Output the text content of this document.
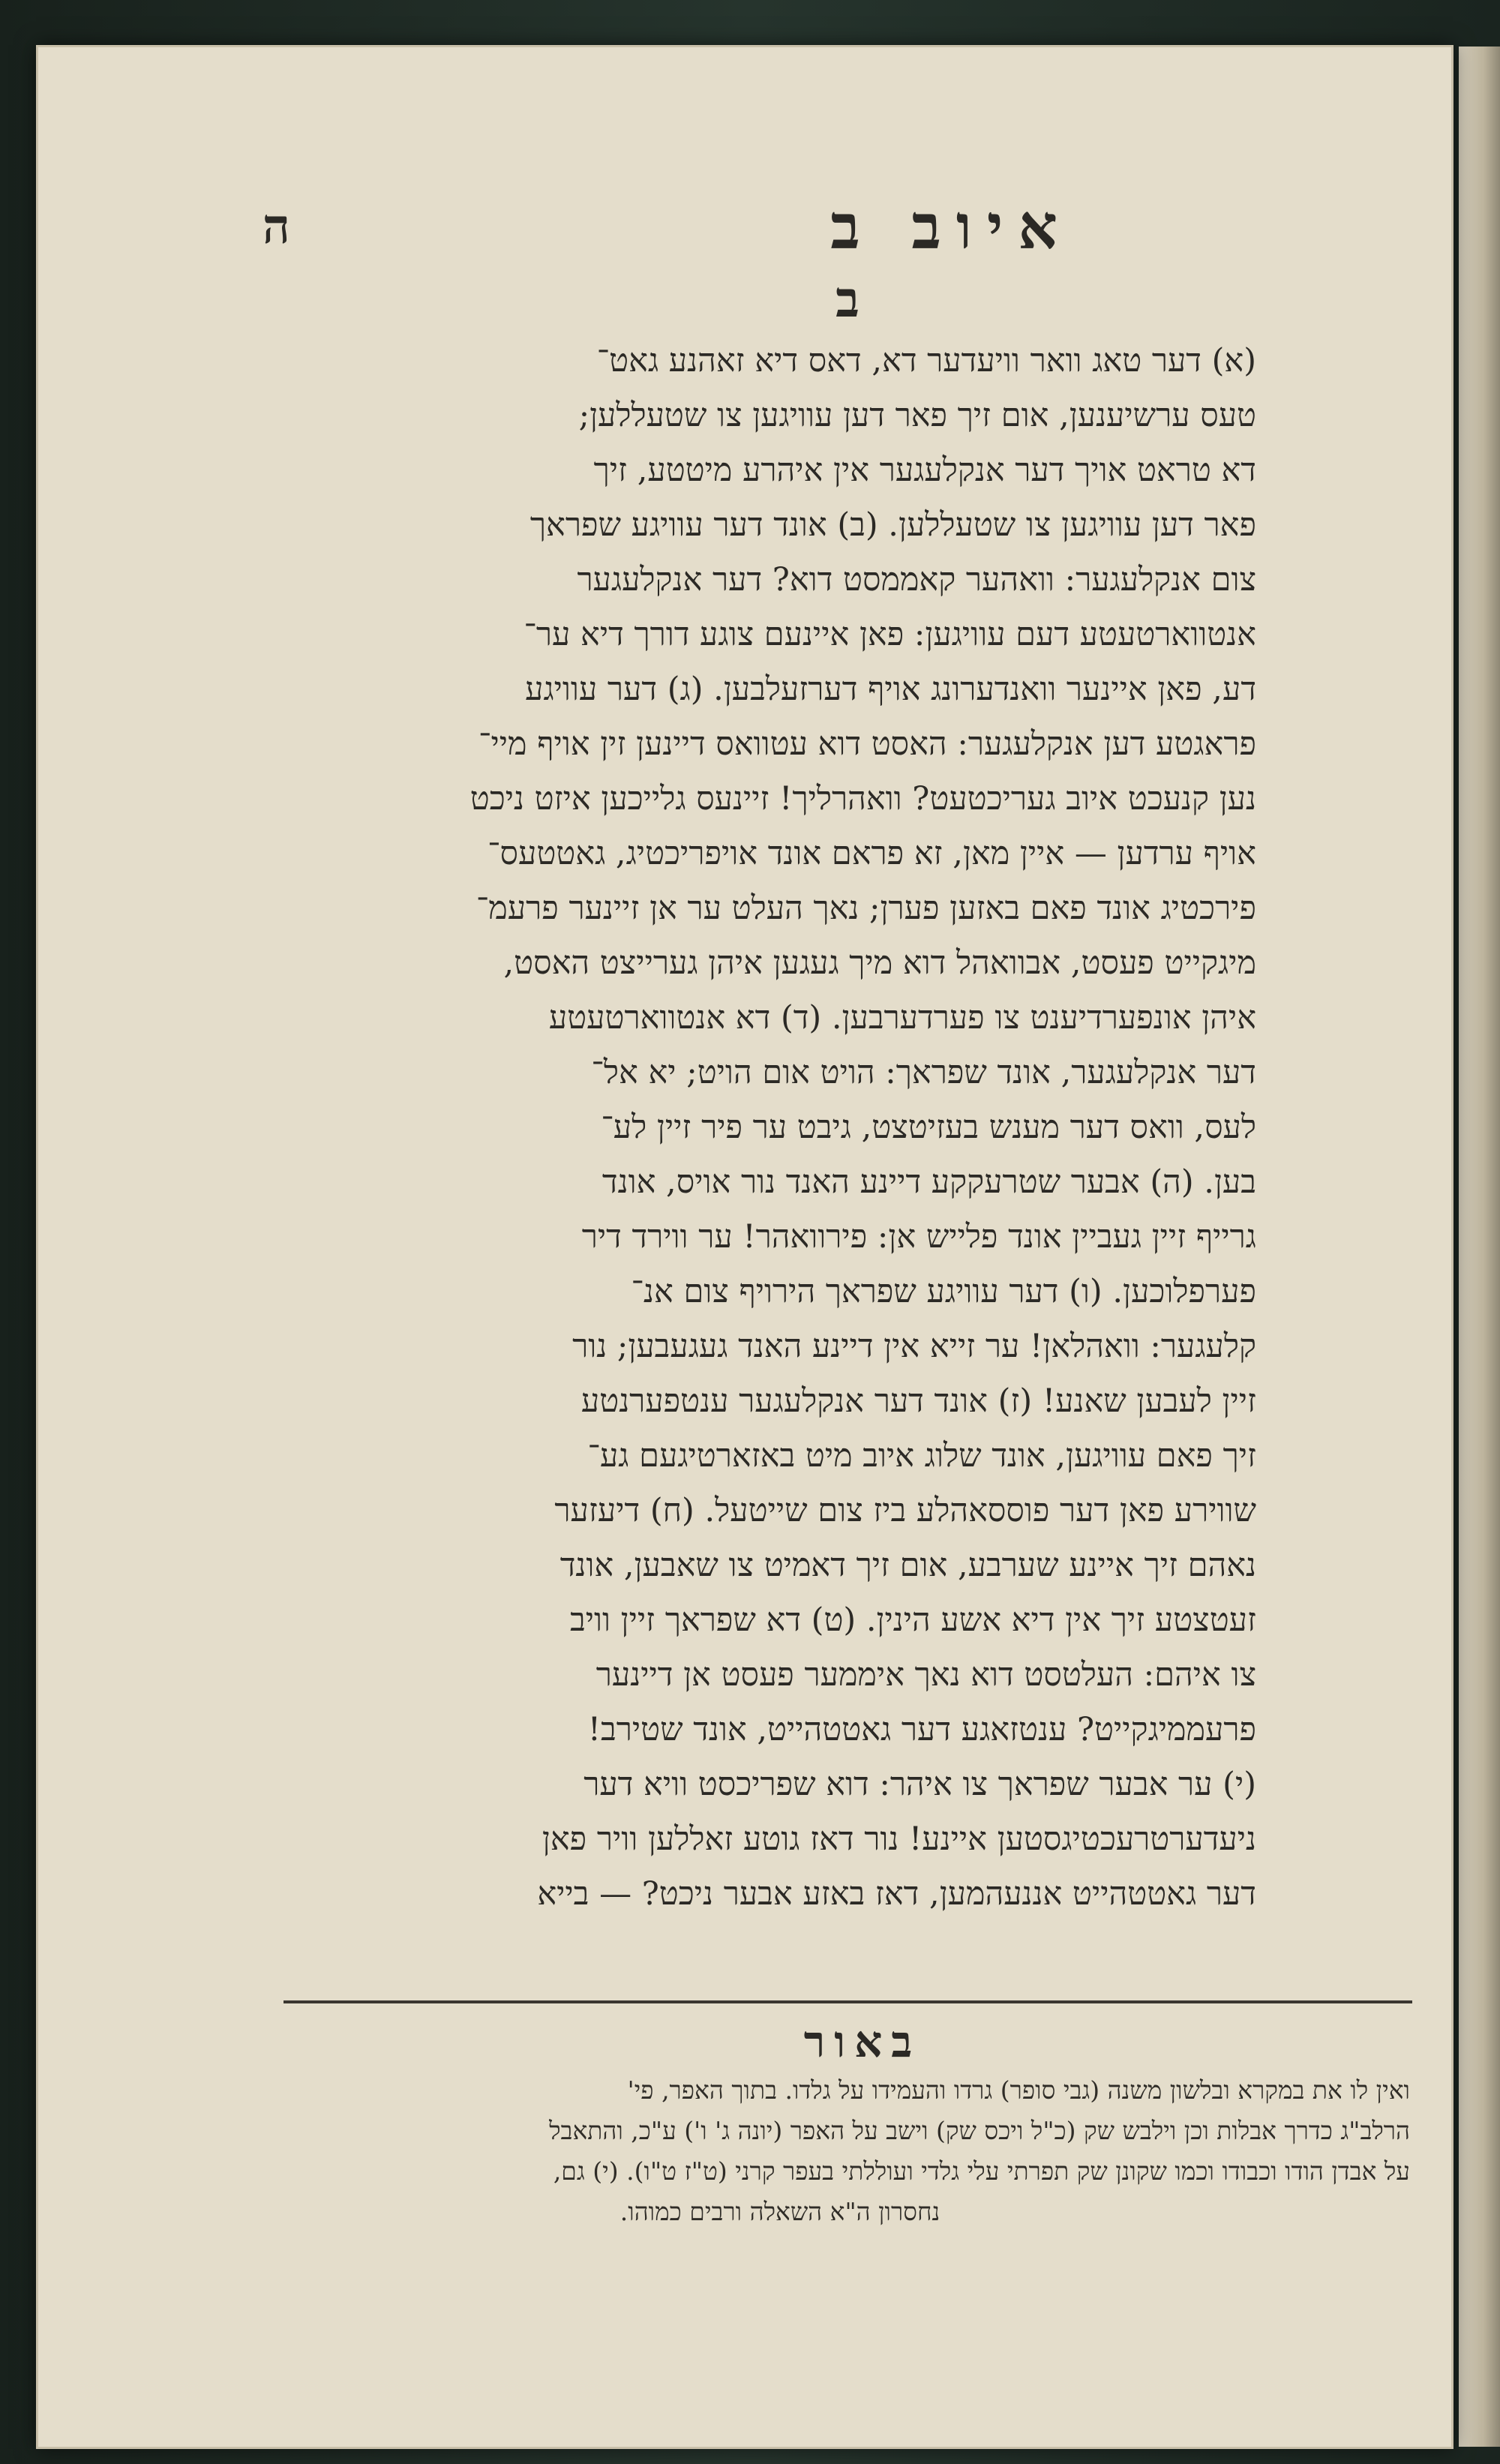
איוב ב
ה
ב
(א) דער טאג וואר וויעדער דא, דאס דיא זאהנע גאט־
טעס ערשיענען, אום זיך פאר דען עוויגען צו שטעללען;
דא טראט אויך דער אנקלעגער אין איהרע מיטטע, זיך
פאר דען עוויגען צו שטעללען. (ב) אונד דער עוויגע שפראך
צום אנקלעגער: וואהער קאממסט דוא? דער אנקלעגער
אנטווארטעטע דעם עוויגען: פאן איינעם צוגע דורך דיא ער־
דע, פאן איינער וואנדערונג אויף דערזעלבען. (ג) דער עוויגע
פראגטע דען אנקלעגער: האסט דוא עטוואס דיינען זין אויף מיי־
נען קנעכט איוב געריכטעט? וואהרליך! זיינעס גלייכען איזט ניכט
אויף ערדען — איין מאן, זא פראם אונד אויפריכטיג, גאטטעס־
פירכטיג אונד פאם באזען פערן; נאך העלט ער אן זיינער פרעמ־
מיגקייט פעסט, אבוואהל דוא מיך געגען איהן גערייצט האסט,
איהן אונפערדיענט צו פערדערבען. (ד) דא אנטווארטעטע
דער אנקלעגער, אונד שפראך: הויט אום הויט; יא אל־
לעס, וואס דער מענש בעזיטצט, גיבט ער פיר זיין לע־
בען. (ה) אבער שטרעקקע דיינע האנד נור אויס, אונד
גרייף זיין געביין אונד פלייש אן: פירוואהר! ער ווירד דיר
פערפלוכען. (ו) דער עוויגע שפראך הירויף צום אנ־
קלעגער: וואהלאן! ער זייא אין דיינע האנד געגעבען; נור
זיין לעבען שאנע! (ז) אונד דער אנקלעגער ענטפערנטע
זיך פאם עוויגען, אונד שלוג איוב מיט באזארטיגעם גע־
שווירע פאן דער פוססאהלע ביז צום שייטעל. (ח) דיעזער
נאהם זיך איינע שערבע, אום זיך דאמיט צו שאבען, אונד
זעטצטע זיך אין דיא אשע הינין. (ט) דא שפראך זיין וויב
צו איהם: העלטסט דוא נאך איממער פעסט אן דיינער
פרעממיגקייט? ענטזאגע דער גאטטהייט, אונד שטירב!
(י) ער אבער שפראך צו איהר: דוא שפריכסט וויא דער
ניעדערטרעכטיגסטען איינע! נור דאז גוטע זאללען וויר פאן
דער גאטטהייט אננעהמען, דאז באזע אבער ניכט? — בייא
באור
ואין לו את במקרא ובלשון משנה (גבי סופר) גרדו והעמידו על גלדו. בתוך האפר, פי'
הרלב"ג כדרך אבלות וכן וילבש שק (כ"ל ויכס שק) וישב על האפר (יונה ג' ו') ע"כ, והתאבל
על אבדן הודו וכבודו וכמו שקונן שק תפרתי עלי גלדי ועוללתי בעפר קרני (ט"ז ט"ו). (י) גם,
נחסרון ה"א השאלה ורבים כמוהו.
